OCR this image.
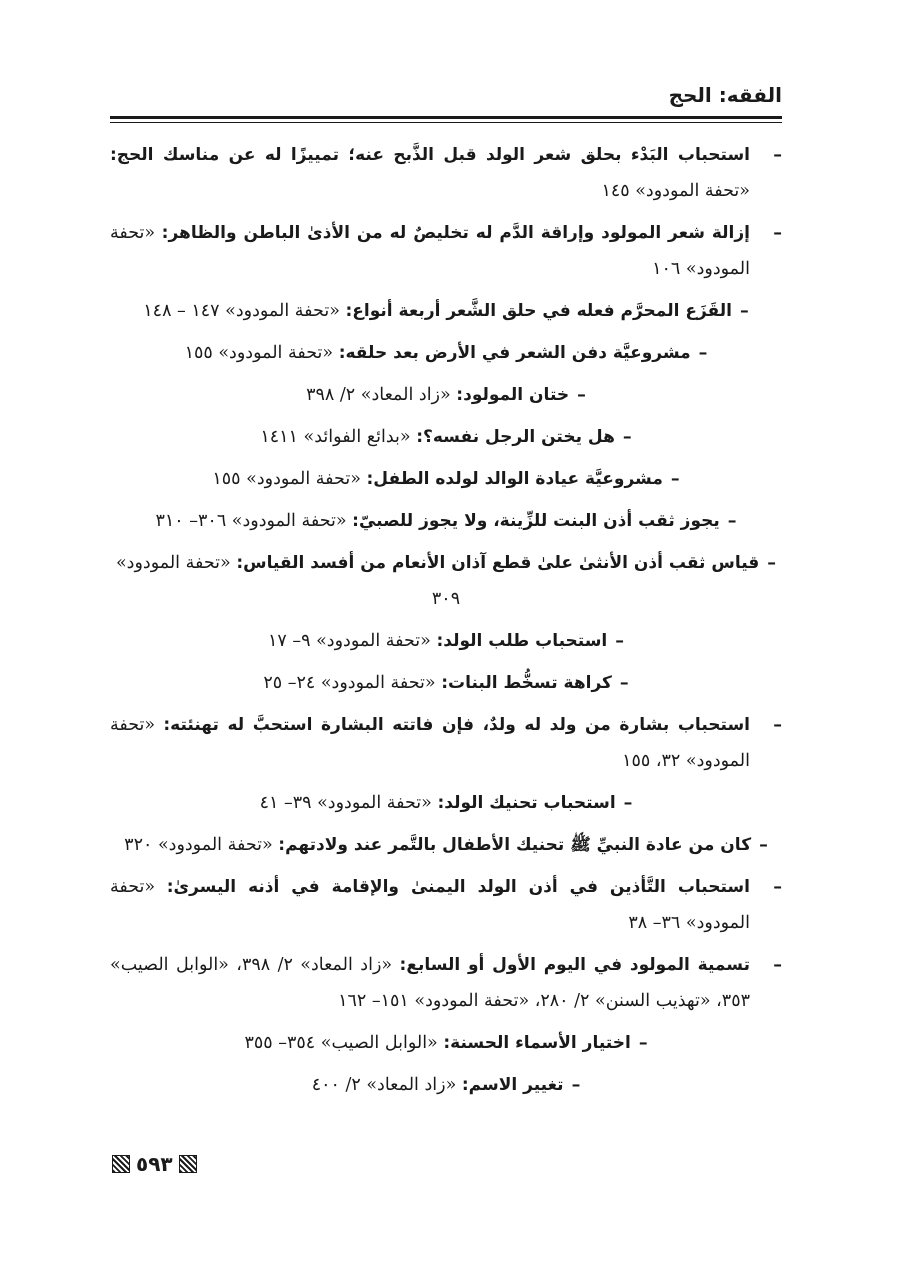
الفقه: الحج
–
استحباب البَدْء بحلق شعر الولد قبل الذَّبح عنه؛ تمييزًا له عن مناسك الحج: «تحفة المودود» ١٤٥
–
إزالة شعر المولود وإراقة الدَّم له تخليصٌ له من الأذىٰ الباطن والظاهر: «تحفة المودود» ١٠٦
–القَزَع المحرَّم فعله في حلق الشَّعر أربعة أنواع: «تحفة المودود» ١٤٧ – ١٤٨
–مشروعيَّة دفن الشعر في الأرض بعد حلقه: «تحفة المودود» ١٥٥
–ختان المولود: «زاد المعاد» ٢/ ٣٩٨
–هل يختن الرجل نفسه؟: «بدائع الفوائد» ١٤١١
–مشروعيَّة عيادة الوالد لولده الطفل: «تحفة المودود» ١٥٥
–يجوز ثقب أذن البنت للزِّينة، ولا يجوز للصبيّ: «تحفة المودود» ٣٠٦– ٣١٠
–قياس ثقب أذن الأنثىٰ علىٰ قطع آذان الأنعام من أفسد القياس: «تحفة المودود» ٣٠٩
–استحباب طلب الولد: «تحفة المودود» ٩– ١٧
–كراهة تسخُّط البنات: «تحفة المودود» ٢٤– ٢٥
–
استحباب بشارة من ولد له ولدٌ، فإن فاتته البشارة استحبَّ له تهنئته: «تحفة المودود» ٣٢، ١٥٥
–استحباب تحنيك الولد: «تحفة المودود» ٣٩– ٤١
–كان من عادة النبيِّ ﷺ تحنيك الأطفال بالتَّمر عند ولادتهم: «تحفة المودود» ٣٢٠
–
استحباب التَّأذين في أذن الولد اليمنىٰ والإقامة في أذنه اليسرىٰ: «تحفة المودود» ٣٦– ٣٨
–
تسمية المولود في اليوم الأول أو السابع: «زاد المعاد» ٢/ ٣٩٨، «الوابل الصيب» ٣٥٣، «تهذيب السنن» ٢/ ٢٨٠، «تحفة المودود» ١٥١– ١٦٢
–اختيار الأسماء الحسنة: «الوابل الصيب» ٣٥٤– ٣٥٥
–تغيير الاسم: «زاد المعاد» ٢/ ٤٠٠
٥٩٣
